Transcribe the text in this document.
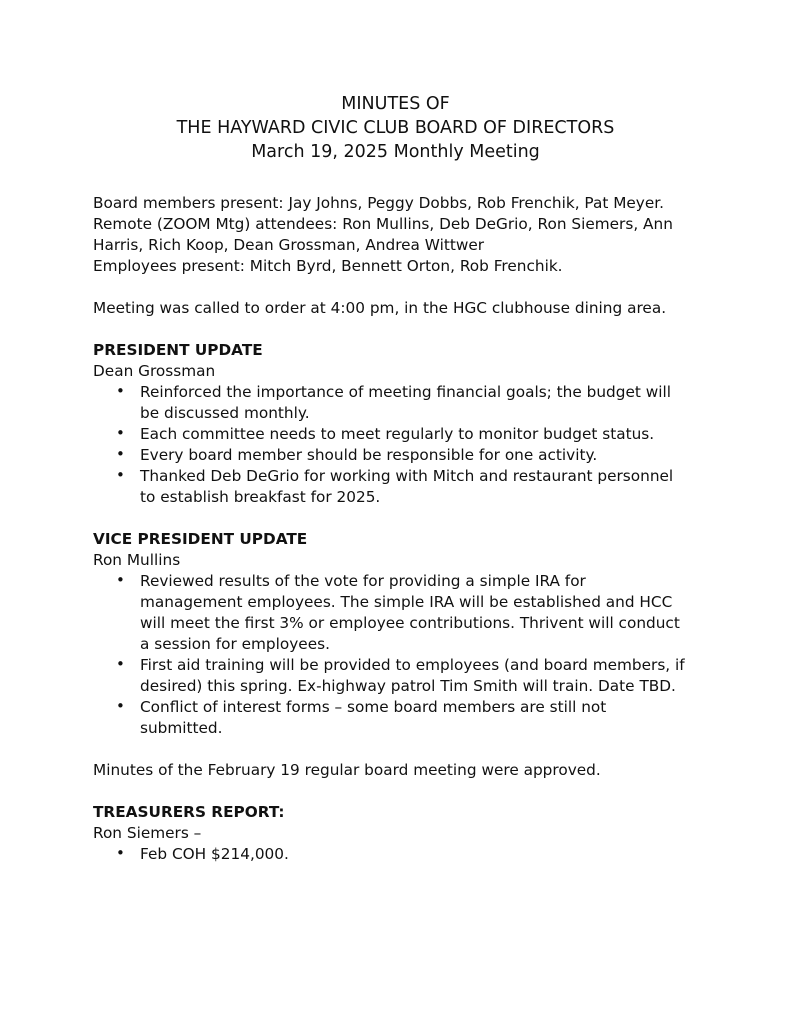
MINUTES OF
THE HAYWARD CIVIC CLUB BOARD OF DIRECTORS
March 19, 2025 Monthly Meeting

Board members present: Jay Johns, Peggy Dobbs, Rob Frenchik, Pat Meyer.

Remote (ZOOM Mtg) attendees: Ron Mullins, Deb DeGrio, Ron Siemers, Ann Harris, Rich Koop, Dean Grossman, Andrea Wittwer

Employees present: Mitch Byrd, Bennett Orton, Rob Frenchik.

Meeting was called to order at 4:00 pm, in the HGC clubhouse dining area.

PRESIDENT UPDATE

Dean Grossman

• Reinforced the importance of meeting financial goals; the budget will be discussed monthly.
• Each committee needs to meet regularly to monitor budget status.
• Every board member should be responsible for one activity.
• Thanked Deb DeGrio for working with Mitch and restaurant personnel to establish breakfast for 2025.

VICE PRESIDENT UPDATE

Ron Mullins

• Reviewed results of the vote for providing a simple IRA for management employees. The simple IRA will be established and HCC will meet the first 3% or employee contributions. Thrivent will conduct a session for employees.
• First aid training will be provided to employees (and board members, if desired) this spring. Ex-highway patrol Tim Smith will train. Date TBD.
• Conflict of interest forms – some board members are still not submitted.

Minutes of the February 19 regular board meeting were approved.

TREASURERS REPORT:

Ron Siemers –

• Feb COH $214,000.
